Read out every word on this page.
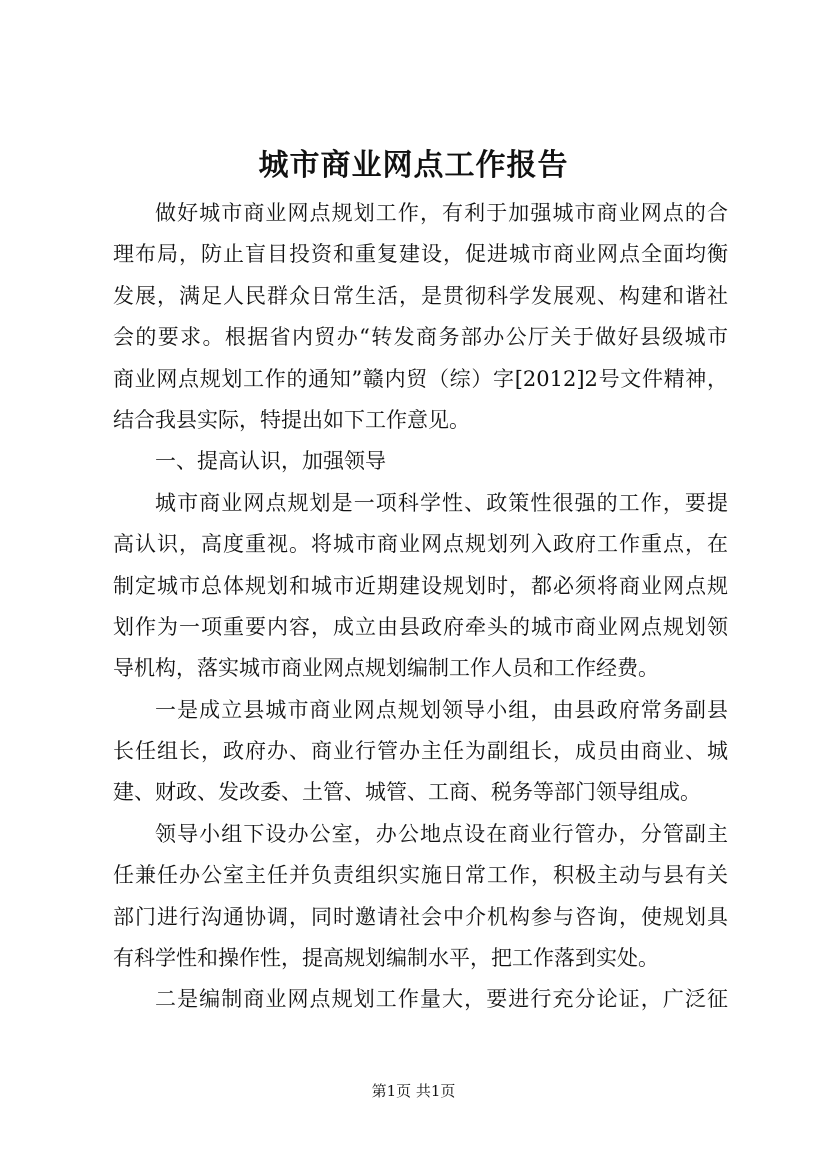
城市商业网点工作报告
做好城市商业网点规划工作，有利于加强城市商业网点的合
理布局，防止盲目投资和重复建设，促进城市商业网点全面均衡
发展，满足人民群众日常生活，是贯彻科学发展观、构建和谐社
会的要求。根据省内贸办“转发商务部办公厅关于做好县级城市
商业网点规划工作的通知”赣内贸（综）字[2012]2号文件精神，
结合我县实际，特提出如下工作意见。
一、提高认识，加强领导
城市商业网点规划是一项科学性、政策性很强的工作，要提
高认识，高度重视。将城市商业网点规划列入政府工作重点，在
制定城市总体规划和城市近期建设规划时，都必须将商业网点规
划作为一项重要内容，成立由县政府牵头的城市商业网点规划领
导机构，落实城市商业网点规划编制工作人员和工作经费。
一是成立县城市商业网点规划领导小组，由县政府常务副县
长任组长，政府办、商业行管办主任为副组长，成员由商业、城
建、财政、发改委、土管、城管、工商、税务等部门领导组成。
领导小组下设办公室，办公地点设在商业行管办，分管副主
任兼任办公室主任并负责组织实施日常工作，积极主动与县有关
部门进行沟通协调，同时邀请社会中介机构参与咨询，使规划具
有科学性和操作性，提高规划编制水平，把工作落到实处。
二是编制商业网点规划工作量大，要进行充分论证，广泛征
第1页 共1页
